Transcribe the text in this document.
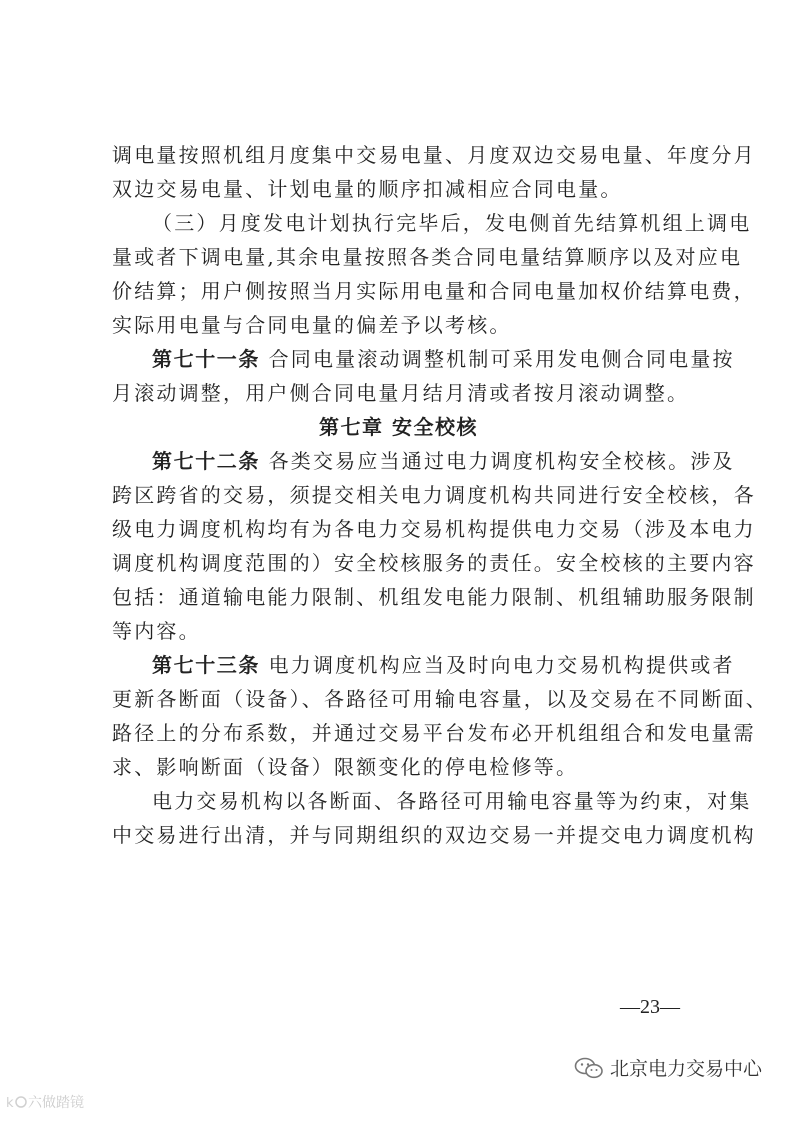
调电量按照机组月度集中交易电量、月度双边交易电量、年度分月
双边交易电量、计划电量的顺序扣减相应合同电量。
（三）月度发电计划执行完毕后，发电侧首先结算机组上调电
量或者下调电量,其余电量按照各类合同电量结算顺序以及对应电
价结算；用户侧按照当月实际用电量和合同电量加权价结算电费，
实际用电量与合同电量的偏差予以考核。
第七十一条 合同电量滚动调整机制可采用发电侧合同电量按
月滚动调整，用户侧合同电量月结月清或者按月滚动调整。
第七章 安全校核
第七十二条 各类交易应当通过电力调度机构安全校核。涉及
跨区跨省的交易，须提交相关电力调度机构共同进行安全校核，各
级电力调度机构均有为各电力交易机构提供电力交易（涉及本电力
调度机构调度范围的）安全校核服务的责任。安全校核的主要内容
包括：通道输电能力限制、机组发电能力限制、机组辅助服务限制
等内容。
第七十三条 电力调度机构应当及时向电力交易机构提供或者
更新各断面（设备）、各路径可用输电容量，以及交易在不同断面、
路径上的分布系数，并通过交易平台发布必开机组组合和发电量需
求、影响断面（设备）限额变化的停电检修等。
电力交易机构以各断面、各路径可用输电容量等为约束，对集
中交易进行出清，并与同期组织的双边交易一并提交电力调度机构
—23—
北京电力交易中心
k 六做踏镜
